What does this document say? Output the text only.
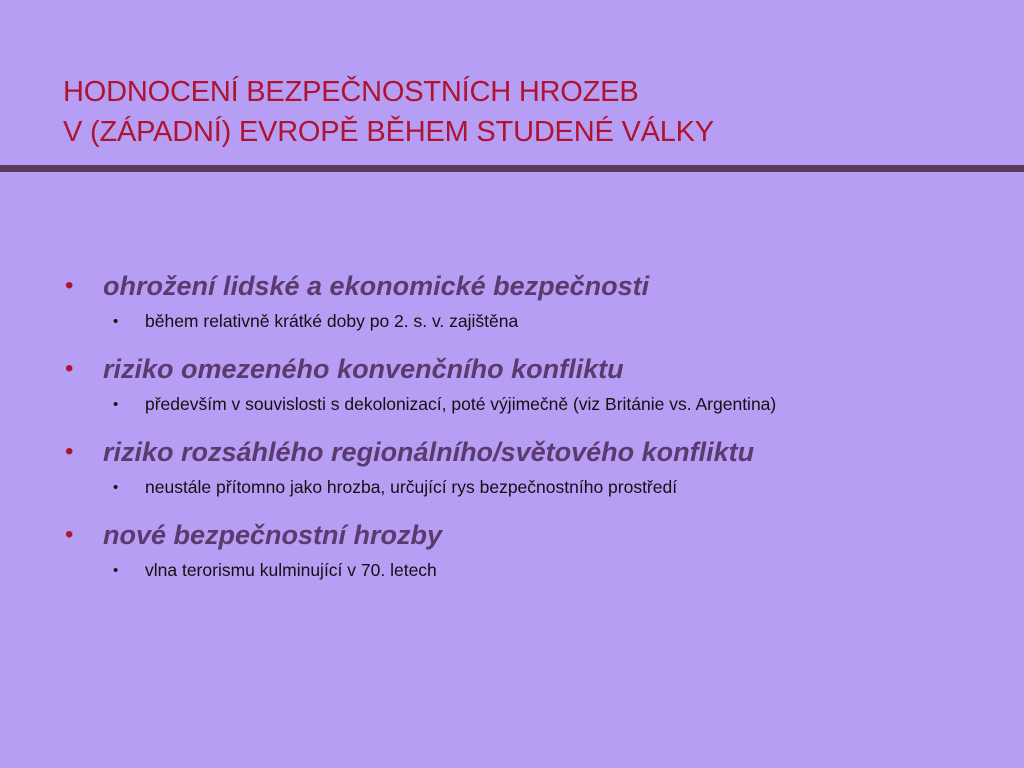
HODNOCENÍ BEZPEČNOSTNÍCH HROZEB
V (ZÁPADNÍ) EVROPĚ BĚHEM STUDENÉ VÁLKY
• ohrožení lidské a ekonomické bezpečnosti
• během relativně krátké doby po 2. s. v. zajištěna
• riziko omezeného konvenčního konfliktu
• především v souvislosti s dekolonizací, poté výjimečně (viz Británie vs. Argentina)
• riziko rozsáhlého regionálního/světového konfliktu
• neustále přítomno jako hrozba, určující rys bezpečnostního prostředí
• nové bezpečnostní hrozby
• vlna terorismu kulminující v 70. letech
